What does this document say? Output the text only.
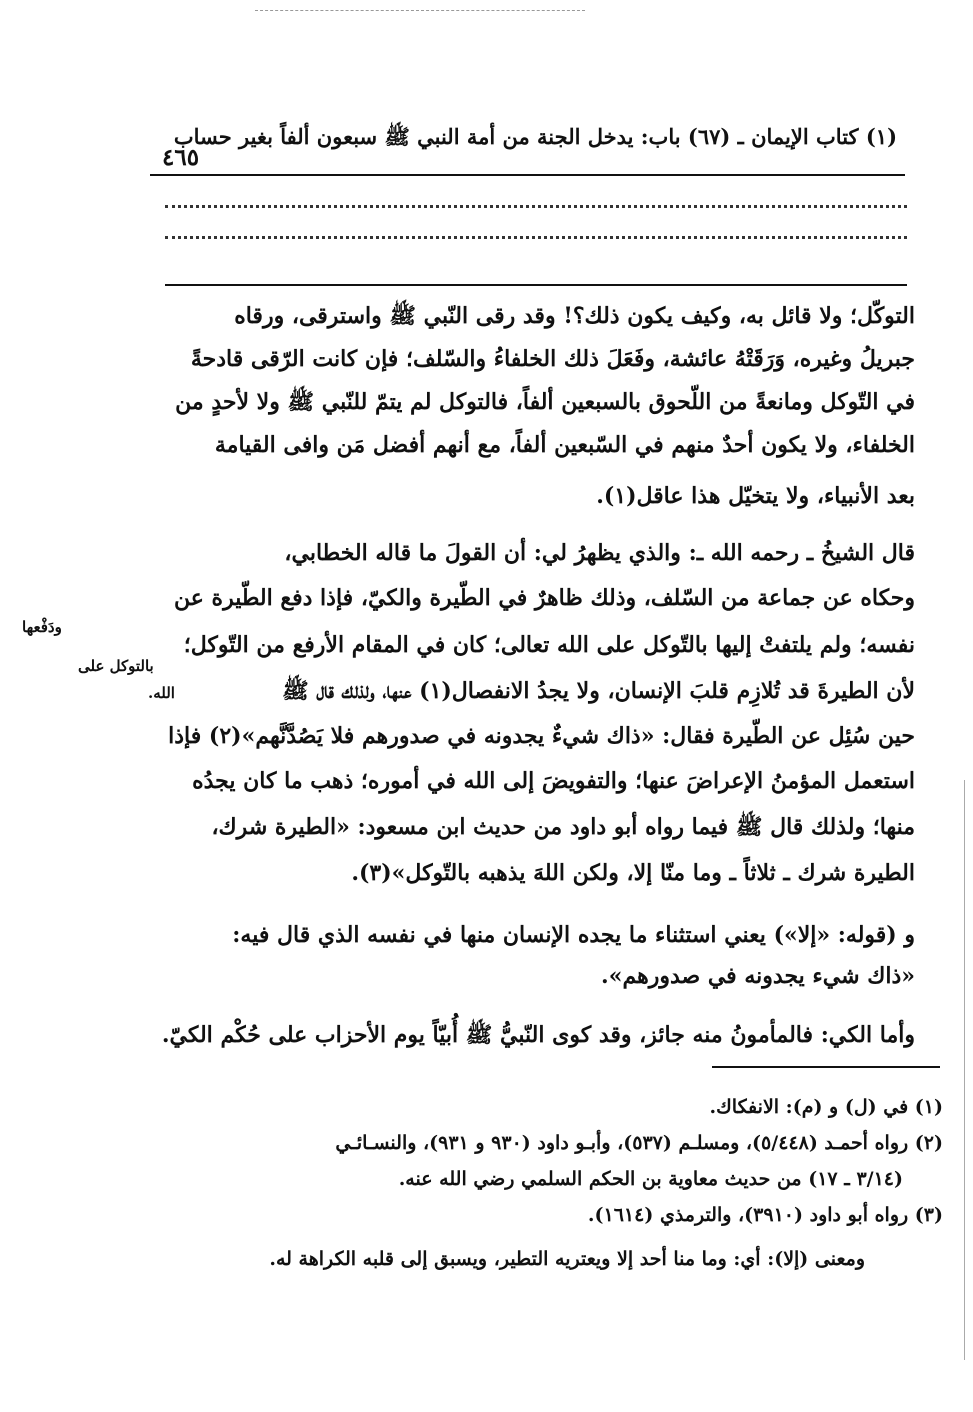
(١) كتاب الإيمان ـ (٦٧) باب: يدخل الجنة من أمة النبي ﷺ سبعون ألفاً بغير حساب
٤٦٥
التوكّل؛ ولا قائل به، وكيف يكون ذلك؟! وقد رقى النّبي ﷺ واسترقى، ورقاه
جبريلُ وغيره، وَرَقَتْهُ عائشة، وفَعَلَ ذلك الخلفاءُ والسّلف؛ فإن كانت الرّقى قادحةً
في التّوكل ومانعةً من اللّحوق بالسبعين ألفاً، فالتوكل لم يتمّ للنّبي ﷺ ولا لأحدٍ من
الخلفاء، ولا يكون أحدٌ منهم في السّبعين ألفاً، مع أنهم أفضل مَن وافى القيامة
بعد الأنبياء، ولا يتخيّل هذا عاقل(١).
قال الشيخُ ـ رحمه الله ـ: والذي يظهرُ لي: أن القولَ ما قاله الخطابي،
وحكاه عن جماعة من السّلف، وذلك ظاهرٌ في الطّيرة والكيّ، فإذا دفع الطّيرة عن
نفسه؛ ولم يلتفتْ إليها بالتّوكل على الله تعالى؛ كان في المقام الأرفع من التّوكل؛
لأن الطيرةَ قد تُلازِم قلبَ الإنسان، ولا يجدُ الانفصال(١) عنها، ولذلك قال ﷺ
حين سُئِل عن الطّيرة فقال: «ذاك شيءٌ يجدونه في صدورهم فلا يَصُدَّنَّهم»(٢) فإذا
استعمل المؤمنُ الإعراضَ عنها؛ والتفويضَ إلى الله في أموره؛ ذهب ما كان يجدُه
منها؛ ولذلك قال ﷺ فيما رواه أبو داود من حديث ابن مسعود: «الطيرة شرك،
الطيرة شرك ـ ثلاثاً ـ وما منّا إلا، ولكن اللهَ يذهبه بالتّوكل»(٣).
ودَفْعها
بالتوكل على
الله.
و (قوله: «إلا») يعني استثناء ما يجده الإنسان منها في نفسه الذي قال فيه:
«ذاك شيء يجدونه في صدورهم».
وأما الكي: فالمأمونُ منه جائز، وقد كوى النّبيُّ ﷺ أُبيّاً يوم الأحزاب على حُكْم الكيّ.
(١) في (ل) و (م): الانفكاك.
(٢) رواه أحمـد (٥/٤٤٨)، ومسلـم (٥٣٧)، وأبـو داود (٩٣٠ و ٩٣١)، والنسـائـي
(٣/١٤ ـ ١٧) من حديث معاوية بن الحكم السلمي رضي الله عنه.
(٣) رواه أبو داود (٣٩١٠)، والترمذي (١٦١٤).
ومعنى (إلا): أي: وما منا أحد إلا ويعتريه التطير، ويسبق إلى قلبه الكراهة له.
